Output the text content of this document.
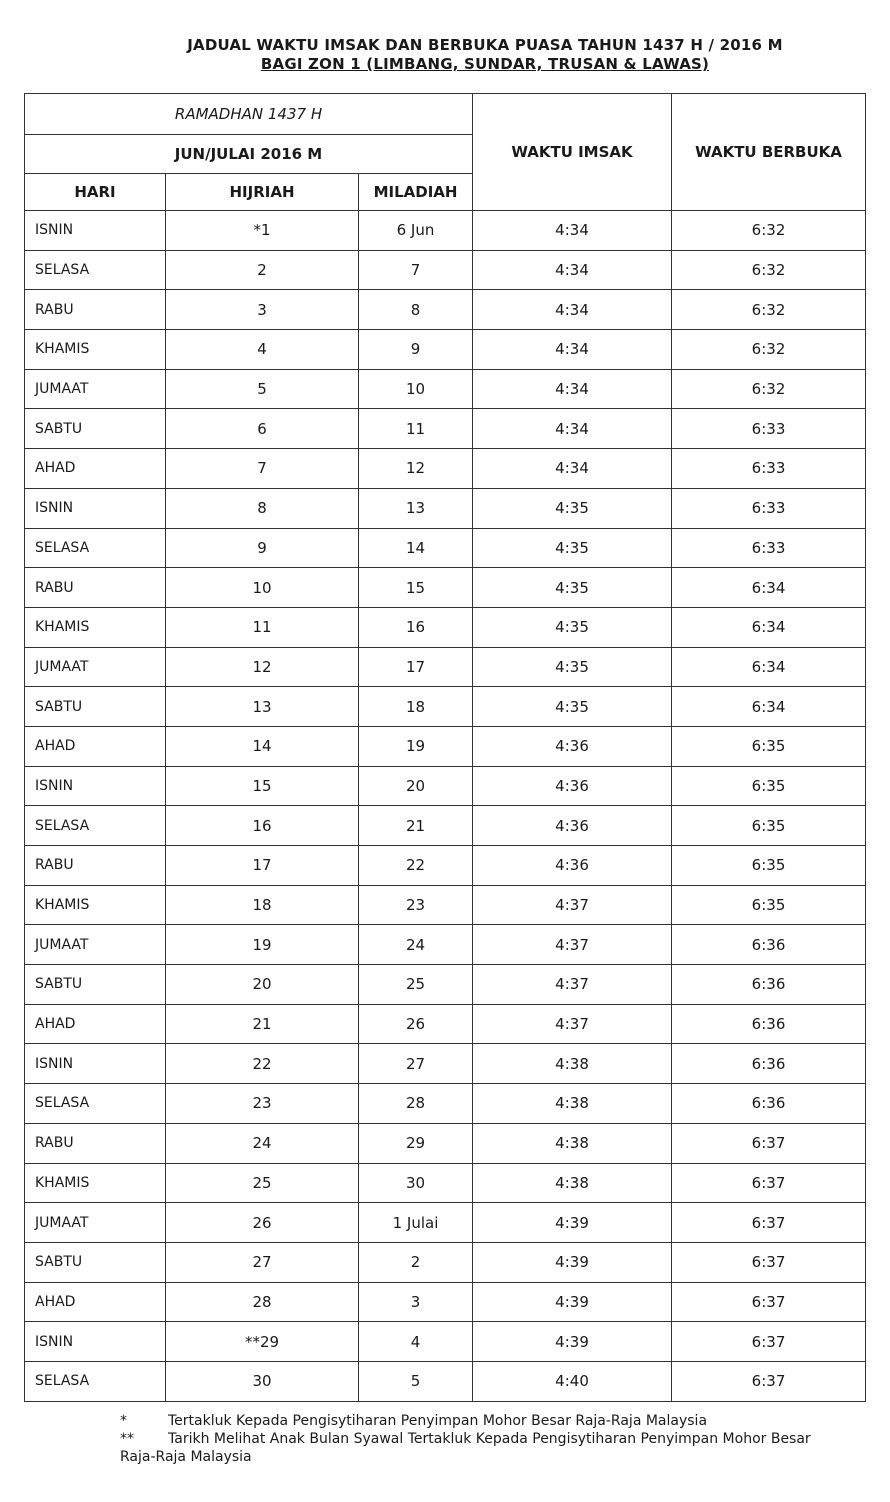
JADUAL WAKTU IMSAK DAN BERBUKA PUASA TAHUN 1437 H / 2016 M
BAGI ZON 1 (LIMBANG, SUNDAR, TRUSAN & LAWAS)
RAMADHAN 1437 H			WAKTU IMSAK	WAKTU BERBUKA
JUN/JULAI 2016 M				
HARI	HIJRIAH	MILADIAH		
ISNIN	*1	6 Jun	4:34	6:32
SELASA	2	7	4:34	6:32
RABU	3	8	4:34	6:32
KHAMIS	4	9	4:34	6:32
JUMAAT	5	10	4:34	6:32
SABTU	6	11	4:34	6:33
AHAD	7	12	4:34	6:33
ISNIN	8	13	4:35	6:33
SELASA	9	14	4:35	6:33
RABU	10	15	4:35	6:34
KHAMIS	11	16	4:35	6:34
JUMAAT	12	17	4:35	6:34
SABTU	13	18	4:35	6:34
AHAD	14	19	4:36	6:35
ISNIN	15	20	4:36	6:35
SELASA	16	21	4:36	6:35
RABU	17	22	4:36	6:35
KHAMIS	18	23	4:37	6:35
JUMAAT	19	24	4:37	6:36
SABTU	20	25	4:37	6:36
AHAD	21	26	4:37	6:36
ISNIN	22	27	4:38	6:36
SELASA	23	28	4:38	6:36
RABU	24	29	4:38	6:37
KHAMIS	25	30	4:38	6:37
JUMAAT	26	1 Julai	4:39	6:37
SABTU	27	2	4:39	6:37
AHAD	28	3	4:39	6:37
ISNIN	**29	4	4:39	6:37
SELASA	30	5	4:40	6:37
*	Tertakluk Kepada Pengisytiharan Penyimpan Mohor Besar Raja-Raja Malaysia
**	Tarikh Melihat Anak Bulan Syawal Tertakluk Kepada Pengisytiharan Penyimpan Mohor Besar
Raja-Raja Malaysia
